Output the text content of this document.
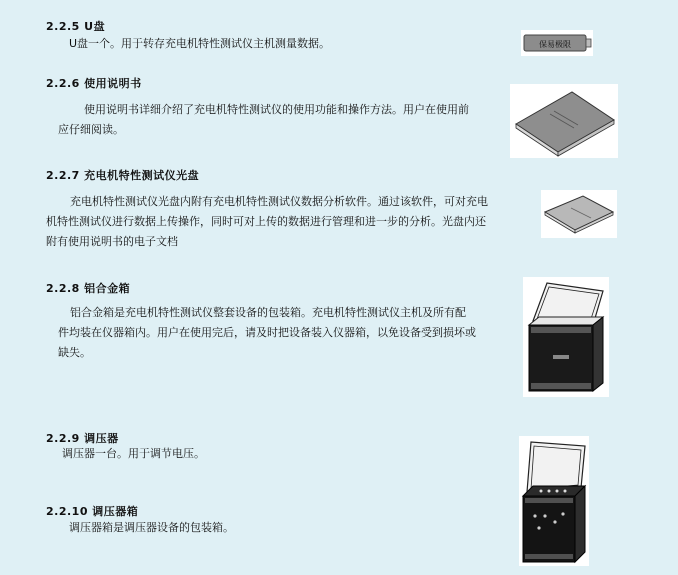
2.2.5 U盘
U盘一个。用于转存充电机特性测试仪主机测量数据。	保易极限
2.2.6 使用说明书
使用说明书详细介绍了充电机特性测试仪的使用功能和操作方法。用户在使用前
应仔细阅读。
2.2.7 充电机特性测试仪光盘
充电机特性测试仪光盘内附有充电机特性测试仪数据分析软件。通过该软件，可对充电
机特性测试仪进行数据上传操作，同时可对上传的数据进行管理和进一步的分析。光盘内还
附有使用说明书的电子文档
2.2.8 铝合金箱
铝合金箱是充电机特性测试仪整套设备的包装箱。充电机特性测试仪主机及所有配
件均装在仪器箱内。用户在使用完后，请及时把设备装入仪器箱，以免设备受到损坏或
缺失。
2.2.9 调压器
调压器一台。用于调节电压。
2.2.10 调压器箱
调压器箱是调压器设备的包装箱。
